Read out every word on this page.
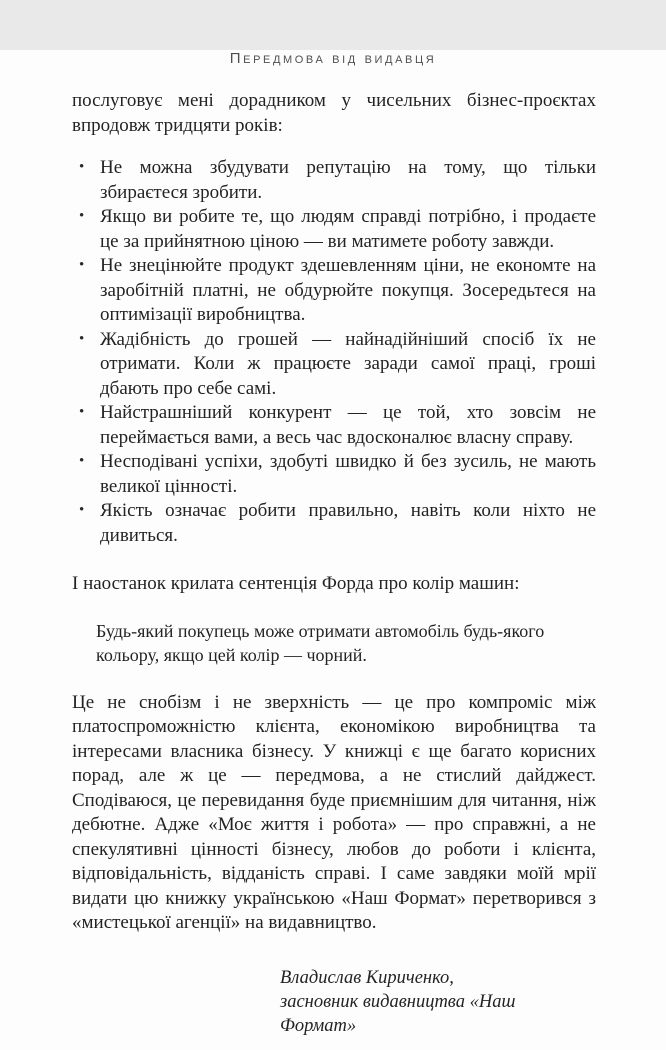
Передмова від видавця

послуговує мені дорадником у чисельних бізнес-проєктах впродовж тридцяти років:

• Не можна збудувати репутацію на тому, що тільки збираєтеся зробити.
• Якщо ви робите те, що людям справді потрібно, і продаєте це за прийнятною ціною — ви матимете роботу завжди.
• Не знецінюйте продукт здешевленням ціни, не економте на заробітній платні, не обдурюйте покупця. Зосередьтеся на оптимізації виробництва.
• Жадібність до грошей — найнадійніший спосіб їх не отримати. Коли ж працюєте заради самої праці, гроші дбають про себе самі.
• Найстрашніший конкурент — це той, хто зовсім не переймається вами, а весь час вдосконалює власну справу.
• Несподівані успіхи, здобуті швидко й без зусиль, не мають великої цінності.
• Якість означає робити правильно, навіть коли ніхто не дивиться.

І наостанок крилата сентенція Форда про колір машин:

Будь-який покупець може отримати автомобіль будь-якого кольору, якщо цей колір — чорний.

Це не снобізм і не зверхність — це про компроміс між платоспроможністю клієнта, економікою виробництва та інтересами власника бізнесу. У книжці є ще багато корисних порад, але ж це — передмова, а не стислий дайджест. Сподіваюся, це перевидання буде приємнішим для читання, ніж дебютне. Адже «Моє життя і робота» — про справжні, а не спекулятивні цінності бізнесу, любов до роботи і клієнта, відповідальність, відданість справі. І саме завдяки моїй мрії видати цю книжку українською «Наш Формат» перетворився з «мистецької агенції» на видавництво.

Владислав Кириченко,
засновник видавництва «Наш Формат»
